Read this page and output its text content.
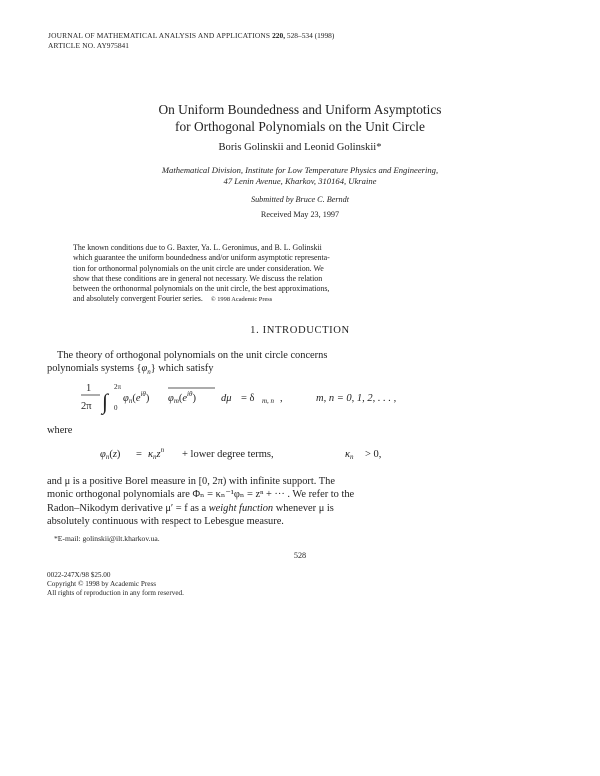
JOURNAL OF MATHEMATICAL ANALYSIS AND APPLICATIONS 220, 528–534 (1998)
ARTICLE NO. AY975841
On Uniform Boundedness and Uniform Asymptotics
for Orthogonal Polynomials on the Unit Circle
Boris Golinskii and Leonid Golinskii*
Mathematical Division, Institute for Low Temperature Physics and Engineering,
47 Lenin Avenue, Kharkov, 310164, Ukraine
Submitted by Bruce C. Berndt
Received May 23, 1997
The known conditions due to G. Baxter, Ya. L. Geronimus, and B. L. Golinskii
which guarantee the uniform boundedness and/or uniform asymptotic representa-
tion for orthonormal polynomials on the unit circle are under consideration. We
show that these conditions are in general not necessary. We discuss the relation
between the orthonormal polynomials on the unit circle, the best approximations,
and absolutely convergent Fourier series. © 1998 Academic Press
1. INTRODUCTION
The theory of orthogonal polynomials on the unit circle concerns
polynomials systems $\{\varphi_n\}$ which satisfy
1
2π ∫
2π
0
$\varphi n(e^{i\theta})$ $\varphi m(e^{i\theta}) d\mu = \delta$ m, n ,	m, n = 0, 1, 2, . . . ,
where
φn(z) = κnz$^n$ + lower degree terms,	κn > 0,
and μ is a positive Borel measure in [0, 2π) with infinite support. The
monic orthogonal polynomials are Φₙ = κₙ⁻¹φₙ = zⁿ + ··· . We refer to the
Radon–Nikodym derivative μ′ = f as a weight function whenever μ is
absolutely continuous with respect to Lebesgue measure.
*E-mail: golinskii@ilt.kharkov.ua.
528
0022-247X/98 $25.00
Copyright © 1998 by Academic Press
All rights of reproduction in any form reserved.
